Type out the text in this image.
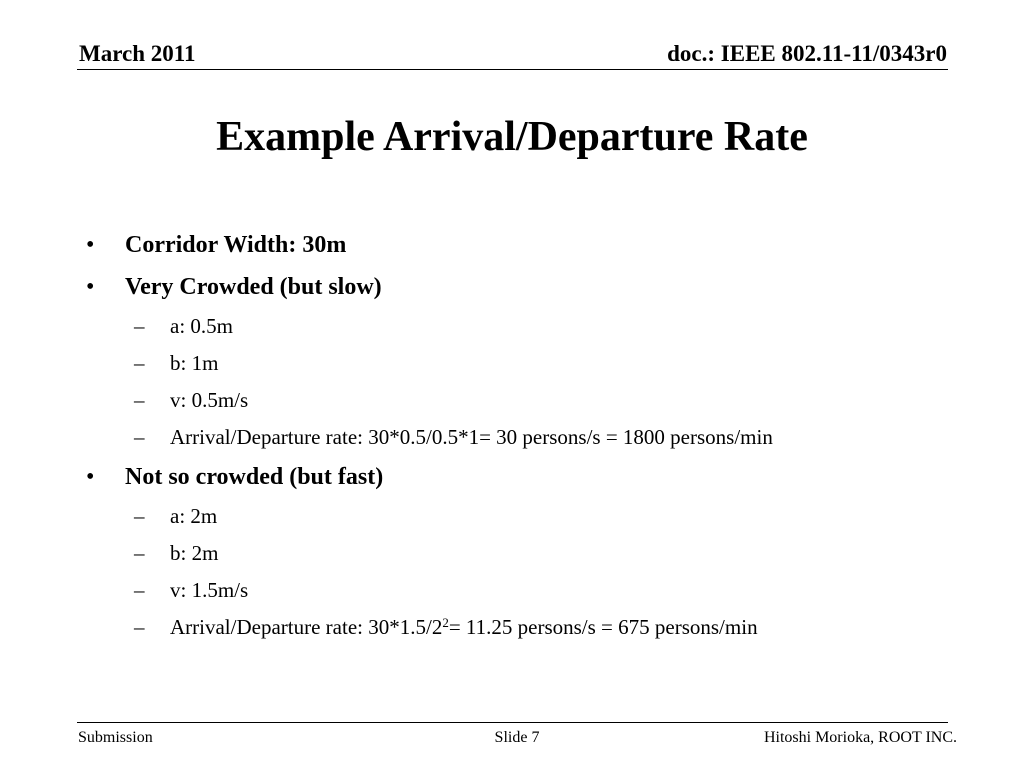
March 2011	doc.: IEEE 802.11-11/0343r0
Example Arrival/Departure Rate
• Corridor Width: 30m
• Very Crowded (but slow)
– a: 0.5m
– b: 1m
– v: 0.5m/s
– Arrival/Departure rate: 30*0.5/0.5*1= 30 persons/s = 1800 persons/min
• Not so crowded (but fast)
– a: 2m
– b: 2m
– v: 1.5m/s
– Arrival/Departure rate: $30*1.5/2^2= 11.25$ persons/s = 675 persons/min
Submission	Slide 7	Hitoshi Morioka, ROOT INC.
